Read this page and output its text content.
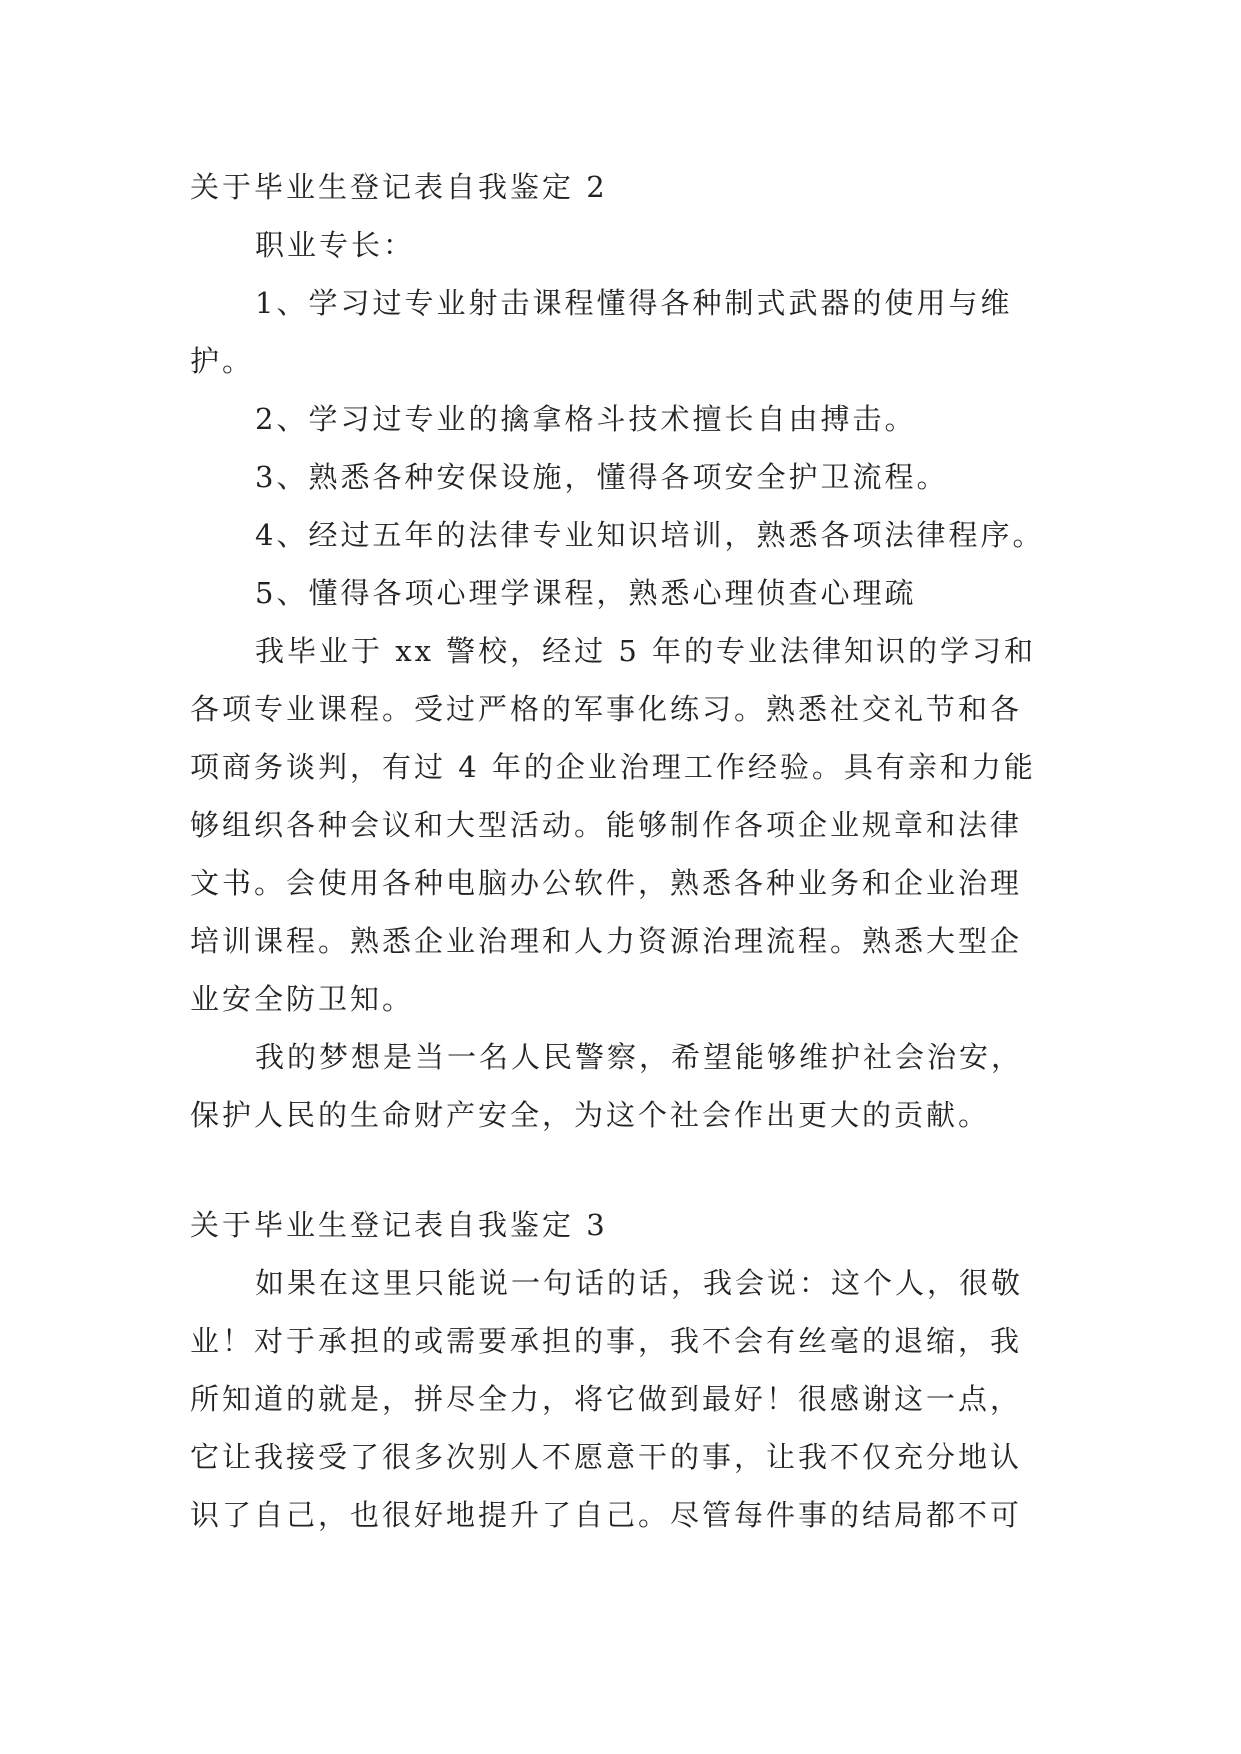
关于毕业生登记表自我鉴定 2
职业专长：
1、学习过专业射击课程懂得各种制式武器的使用与维
护。
2、学习过专业的擒拿格斗技术擅长自由搏击。
3、熟悉各种安保设施，懂得各项安全护卫流程。
4、经过五年的法律专业知识培训，熟悉各项法律程序。
5、懂得各项心理学课程，熟悉心理侦查心理疏
我毕业于 xx 警校，经过 5 年的专业法律知识的学习和
各项专业课程。受过严格的军事化练习。熟悉社交礼节和各
项商务谈判，有过 4 年的企业治理工作经验。具有亲和力能
够组织各种会议和大型活动。能够制作各项企业规章和法律
文书。会使用各种电脑办公软件，熟悉各种业务和企业治理
培训课程。熟悉企业治理和人力资源治理流程。熟悉大型企
业安全防卫知。
我的梦想是当一名人民警察，希望能够维护社会治安，
保护人民的生命财产安全，为这个社会作出更大的贡献。
关于毕业生登记表自我鉴定 3
如果在这里只能说一句话的话，我会说：这个人，很敬
业！对于承担的或需要承担的事，我不会有丝毫的退缩，我
所知道的就是，拼尽全力，将它做到最好！很感谢这一点，
它让我接受了很多次别人不愿意干的事，让我不仅充分地认
识了自己，也很好地提升了自己。尽管每件事的结局都不可
